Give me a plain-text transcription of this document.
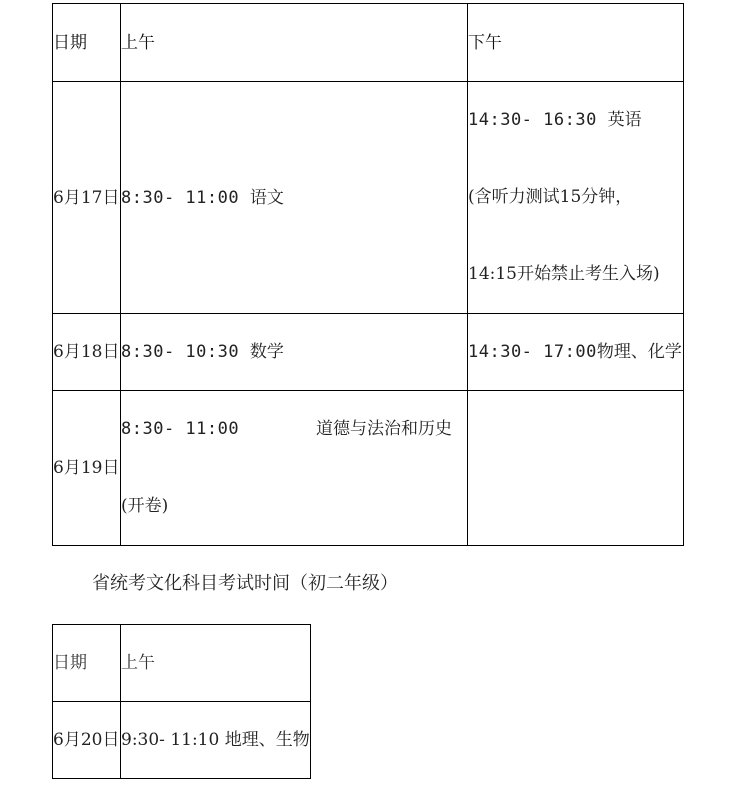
日期	上午	下午
6月17日	8:30- 11:00 语文	14:30- 16:30 英语
(含听力测试15分钟，
14:15开始禁止考生入场)

6月18日	8:30- 10:30 数学	14:30- 17:00物理、化学
6月19日	8:30- 11:00 道德与法治和历史
(开卷)	

省统考文化科目考试时间（初二年级）
日期	上午
6月20日	9:30- 11:10 地理、生物
